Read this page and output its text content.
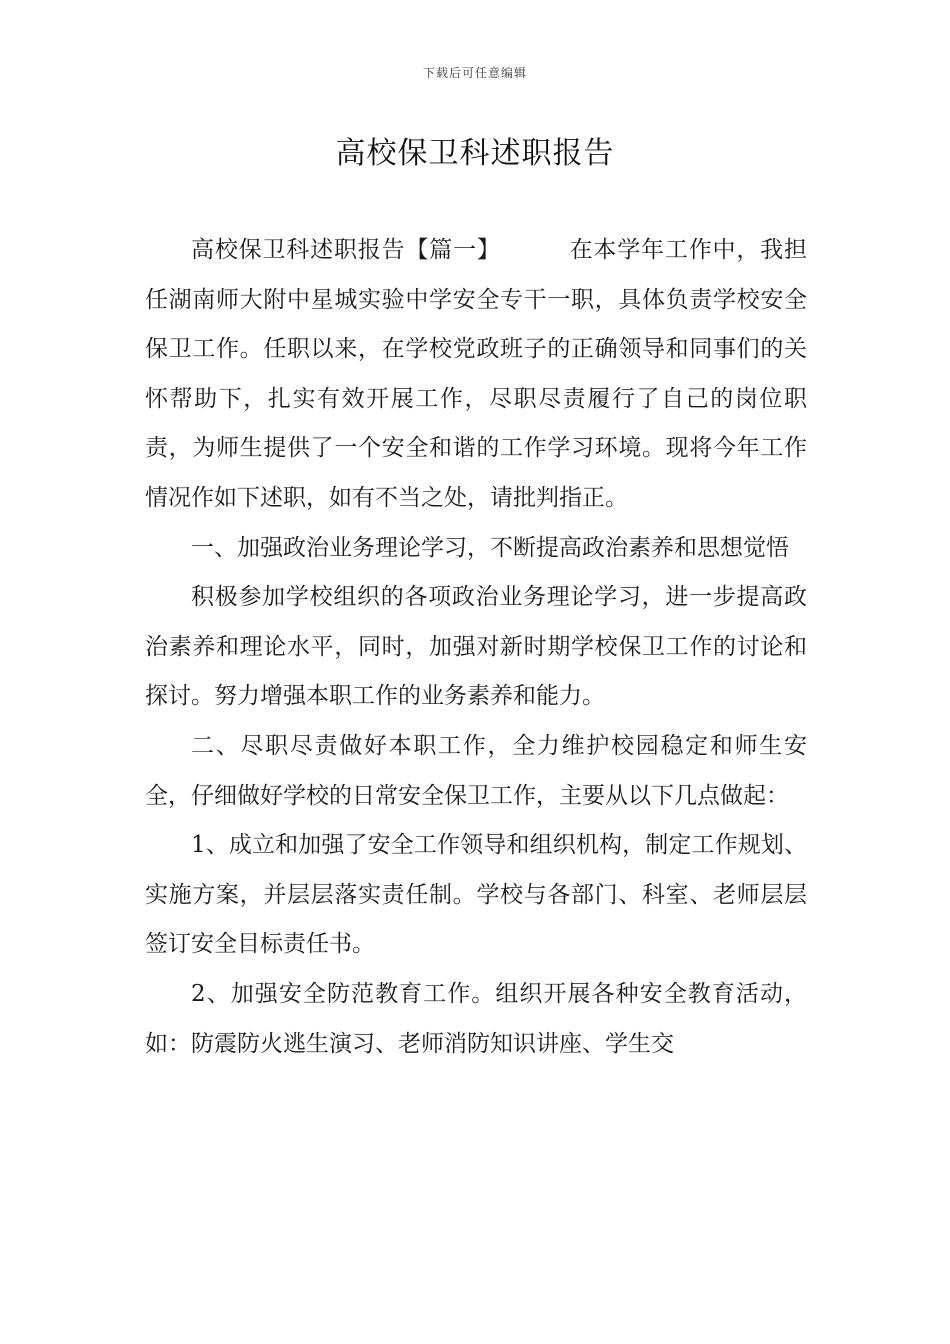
下载后可任意编辑
高校保卫科述职报告

高校保卫科述职报告【篇一】	在本学年工作中，我担任湖南师大附中星城实验中学安全专干一职，具体负责学校安全保卫工作。任职以来，在学校党政班子的正确领导和同事们的关怀帮助下，扎实有效开展工作，尽职尽责履行了自己的岗位职责，为师生提供了一个安全和谐的工作学习环境。现将今年工作情况作如下述职，如有不当之处，请批判指正。

一、加强政治业务理论学习，不断提高政治素养和思想觉悟

积极参加学校组织的各项政治业务理论学习，进一步提高政治素养和理论水平，同时，加强对新时期学校保卫工作的讨论和探讨。努力增强本职工作的业务素养和能力。

二、尽职尽责做好本职工作，全力维护校园稳定和师生安全，仔细做好学校的日常安全保卫工作，主要从以下几点做起：

1、成立和加强了安全工作领导和组织机构，制定工作规划、实施方案，并层层落实责任制。学校与各部门、科室、老师层层签订安全目标责任书。

2、加强安全防范教育工作。组织开展各种安全教育活动，如：防震防火逃生演习、老师消防知识讲座、学生交
